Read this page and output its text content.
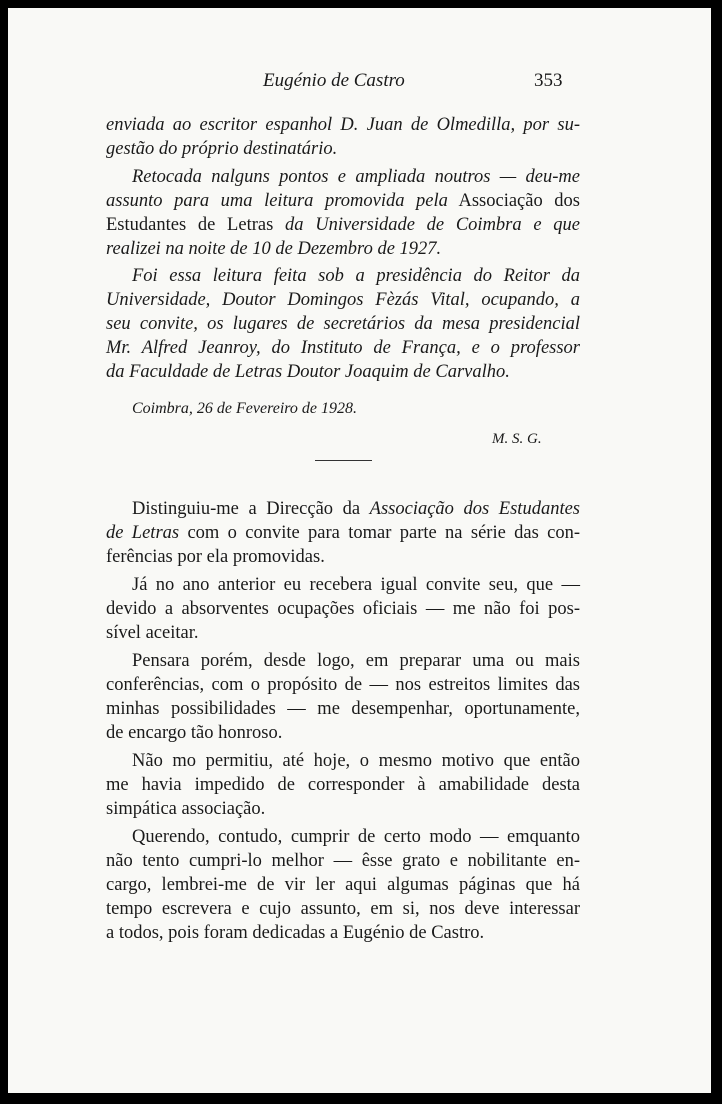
Eugénio de Castro	353
enviada ao escritor espanhol D. Juan de Olmedilla, por su-
gestão do próprio destinatário.
Retocada nalguns pontos e ampliada noutros — deu-me
assunto para uma leitura promovida pela Associação dos
Estudantes de Letras da Universidade de Coimbra e que
realizei na noite de 10 de Dezembro de 1927.
Foi essa leitura feita sob a presidência do Reitor da
Universidade, Doutor Domingos Fèzás Vital, ocupando, a
seu convite, os lugares de secretários da mesa presidencial
Mr. Alfred Jeanroy, do Instituto de França, e o professor
da Faculdade de Letras Doutor Joaquim de Carvalho.
Coimbra, 26 de Fevereiro de 1928.
M. S. G.
Distinguiu-me a Direcção da Associação dos Estudantes
de Letras com o convite para tomar parte na série das con-
ferências por ela promovidas.
Já no ano anterior eu recebera igual convite seu, que —
devido a absorventes ocupações oficiais — me não foi pos-
sível aceitar.
Pensara porém, desde logo, em preparar uma ou mais
conferências, com o propósito de — nos estreitos limites das
minhas possibilidades — me desempenhar, oportunamente,
de encargo tão honroso.
Não mo permitiu, até hoje, o mesmo motivo que então
me havia impedido de corresponder à amabilidade desta
simpática associação.
Querendo, contudo, cumprir de certo modo — emquanto
não tento cumpri-lo melhor — êsse grato e nobilitante en-
cargo, lembrei-me de vir ler aqui algumas páginas que há
tempo escrevera e cujo assunto, em si, nos deve interessar
a todos, pois foram dedicadas a Eugénio de Castro.
